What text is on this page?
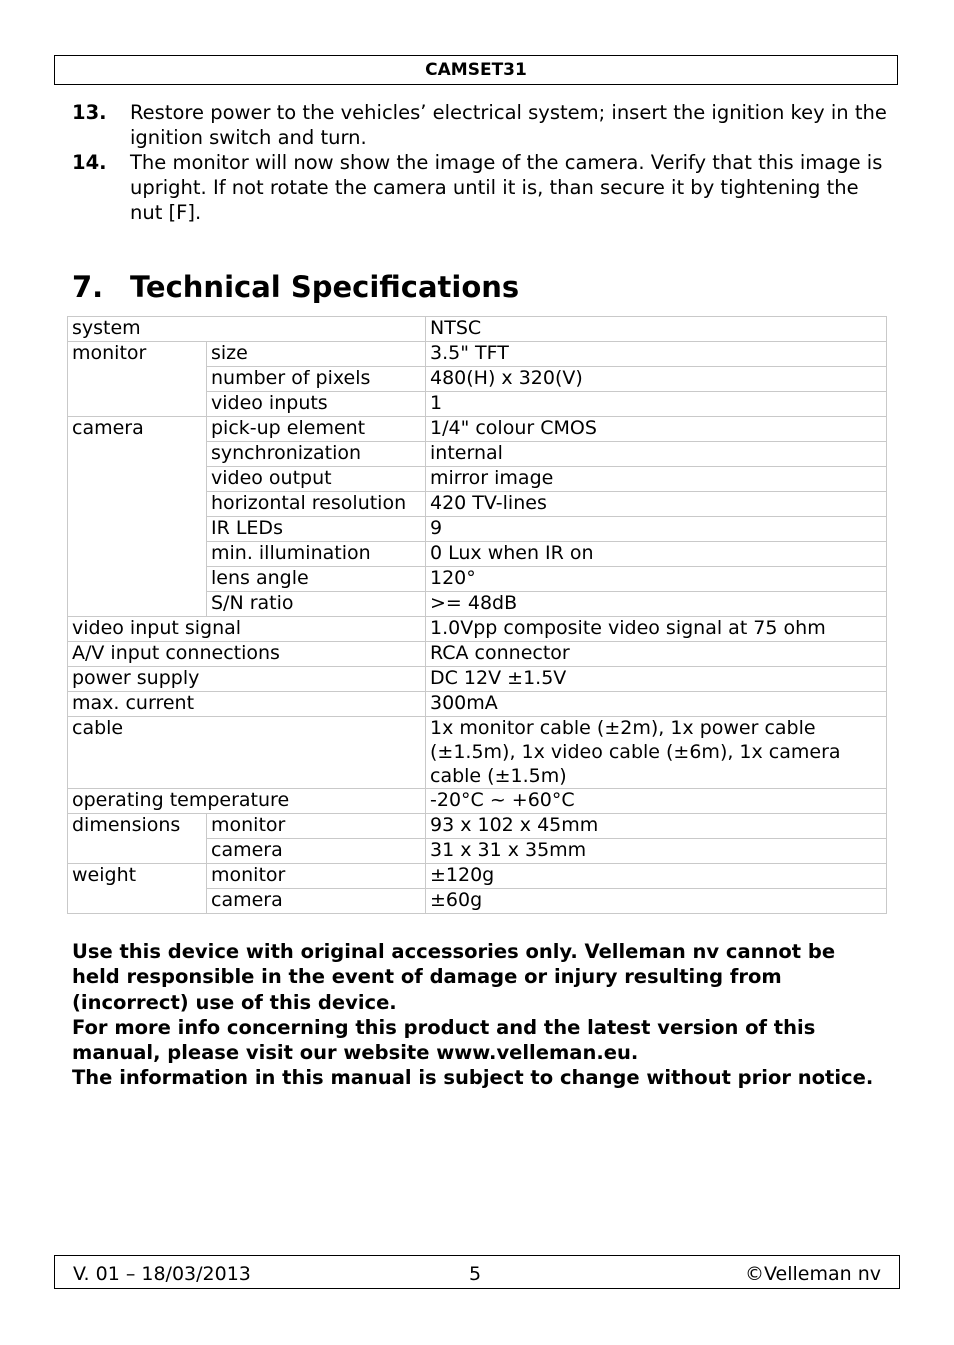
CAMSET31
13.	Restore power to the vehicles’ electrical system; insert the ignition key in the ignition switch and turn.
14.	The monitor will now show the image of the camera. Verify that this image is upright. If not rotate the camera until it is, than secure it by tightening the nut [F].
7. Technical Specifications
system		NTSC
monitor	size	3.5" TFT
	number of pixels	480(H) x 320(V)
	video inputs	1
camera	pick-up element	1/4" colour CMOS
	synchronization	internal
	video output	mirror image
	horizontal resolution	420 TV-lines
	IR LEDs	9
	min. illumination	0 Lux when IR on
	lens angle	120°
	S/N ratio	>= 48dB
video input signal		1.0Vpp composite video signal at 75 ohm
A/V input connections		RCA connector
power supply		DC 12V ±1.5V
max. current		300mA
cable		1x monitor cable (±2m), 1x power cable (±1.5m), 1x video cable (±6m), 1x camera cable (±1.5m)
operating temperature		-20°C ~ +60°C
dimensions	monitor	93 x 102 x 45mm
	camera	31 x 31 x 35mm
weight	monitor	±120g
	camera	±60g

Use this device with original accessories only. Velleman nv cannot be held responsible in the event of damage or injury resulting from (incorrect) use of this device.

For more info concerning this product and the latest version of this manual, please visit our website www.velleman.eu.

The information in this manual is subject to change without prior notice.

V. 01 – 18/03/2013	5	©Velleman nv
